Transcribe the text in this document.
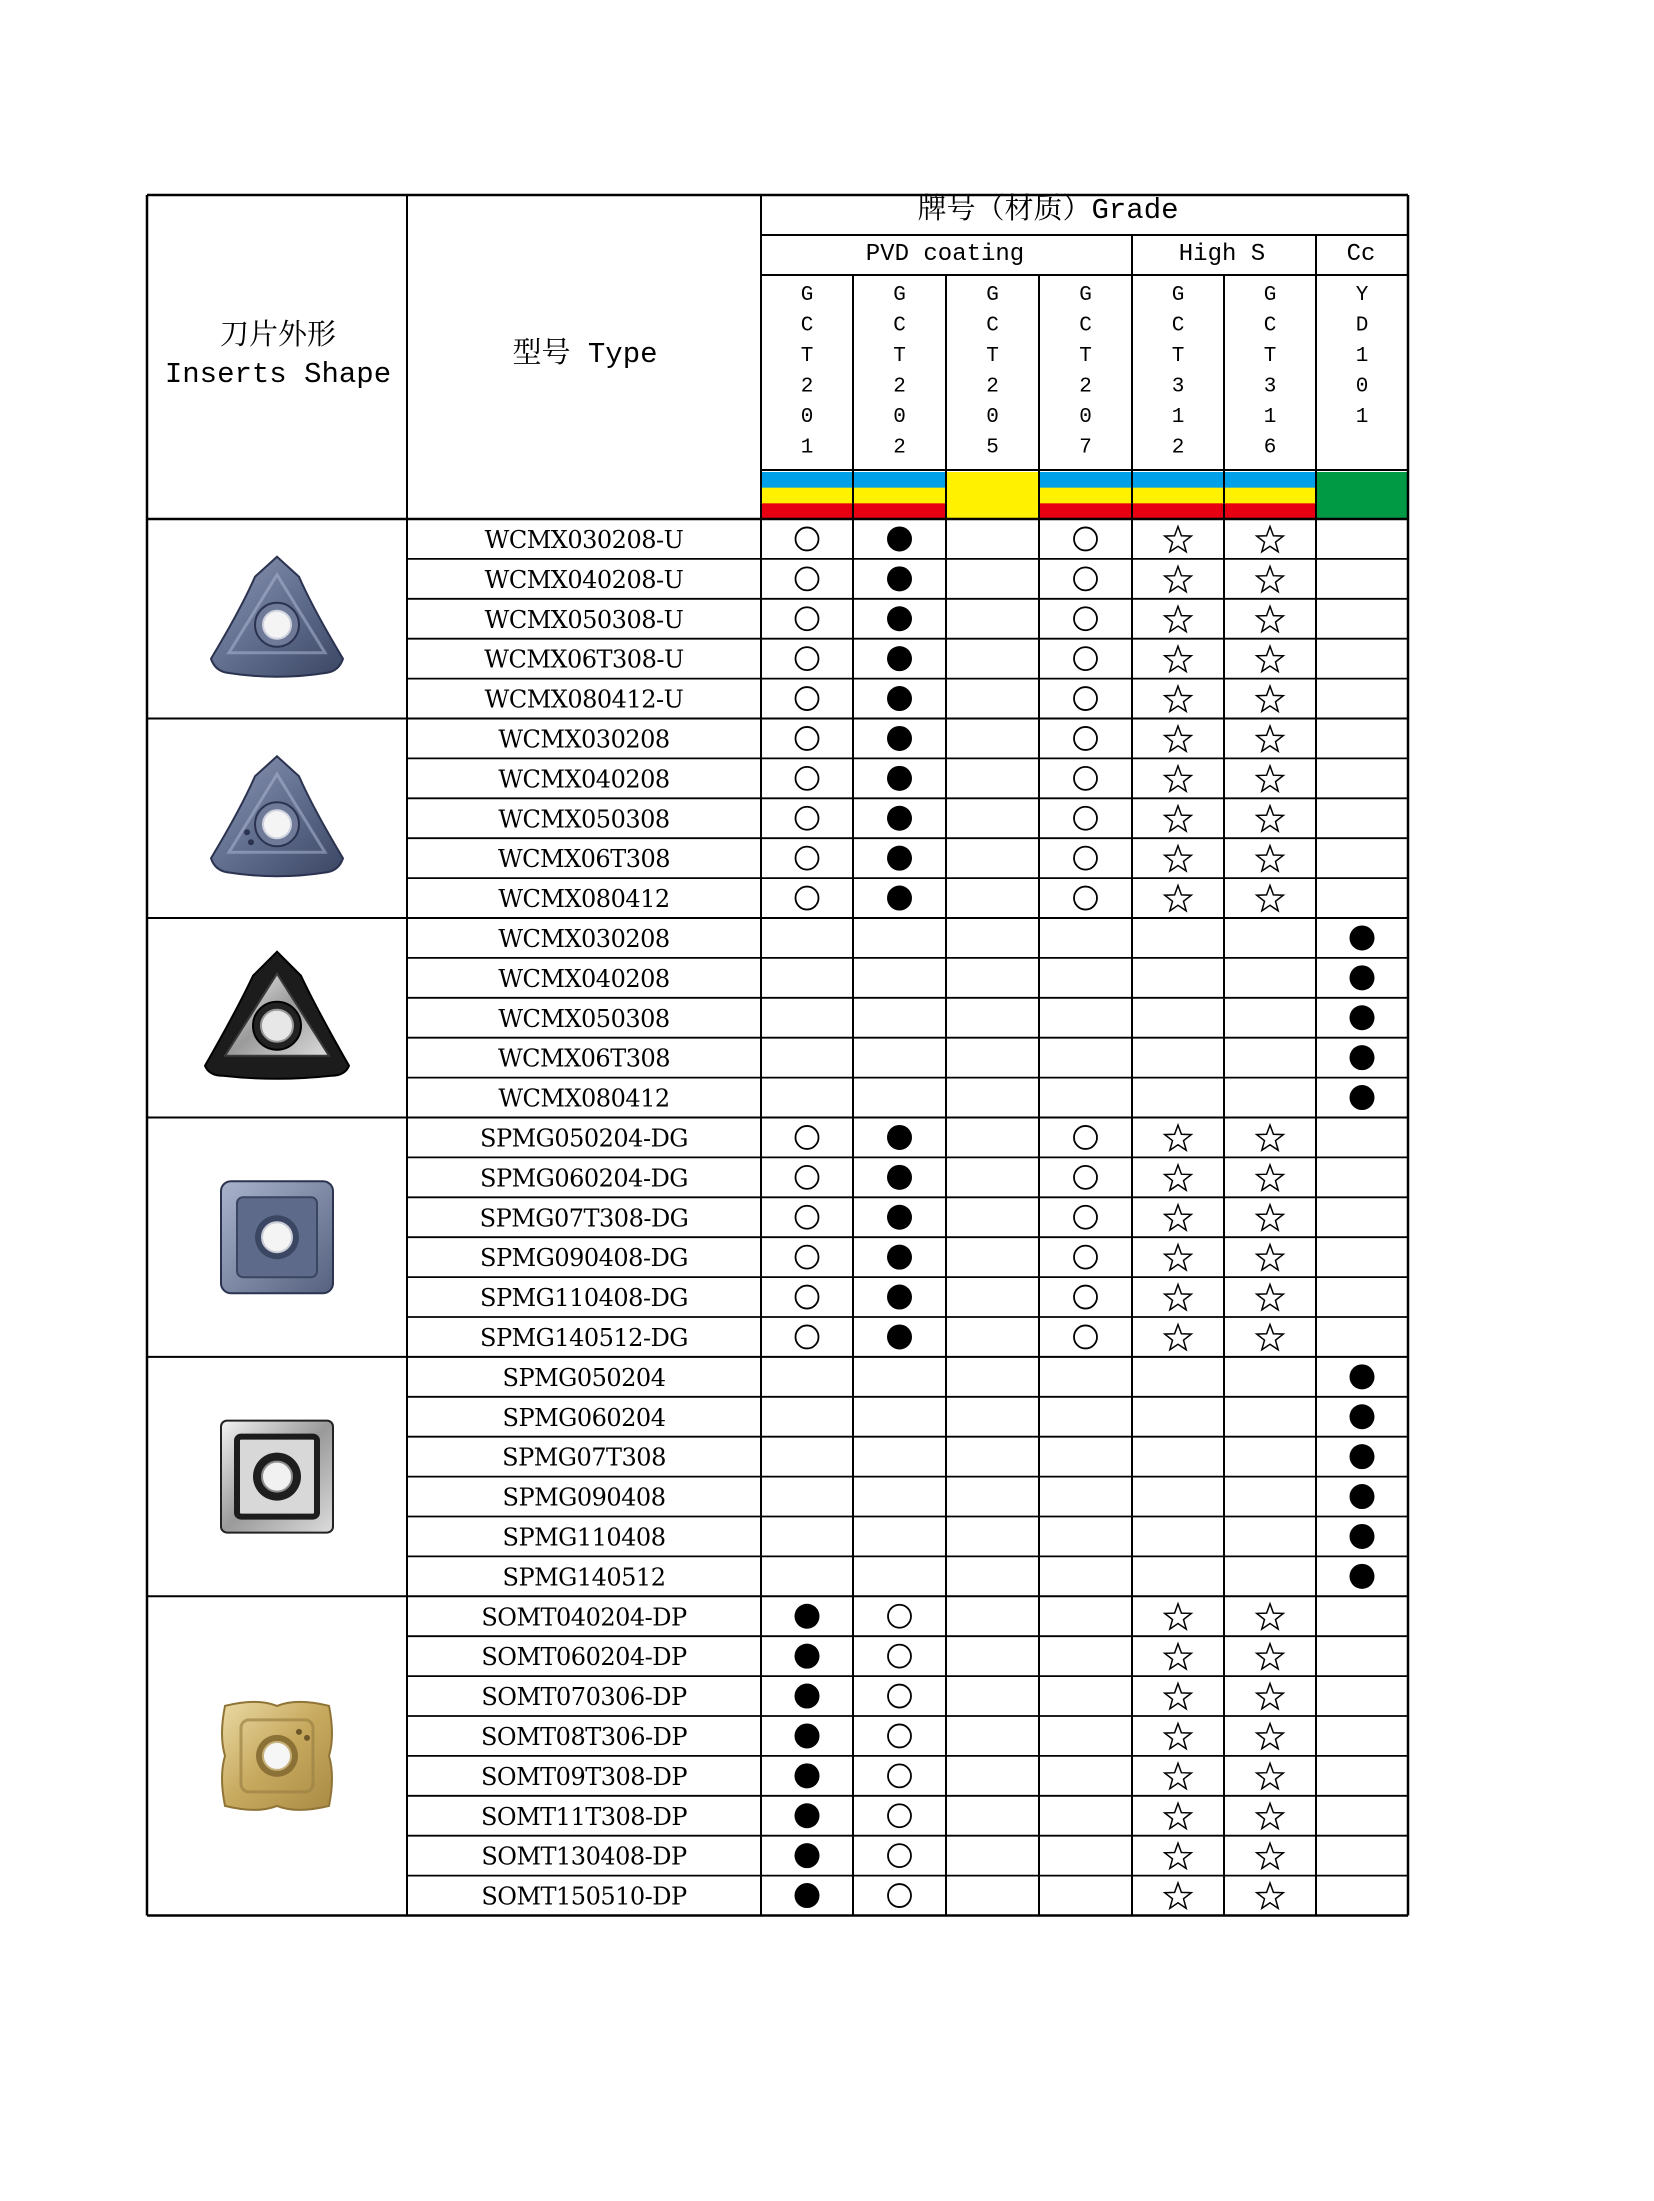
刀片外形
Inserts Shape
型号 Type
牌号（材质）Grade
PVD coating	High S	Cc
G C T 2 0 1
G C T 2 0 2
G C T 2 0 5
G C T 2 0 7
G C T 3 1 2
G C T 3 1 6
Y D 1 0 1
WCMX030208-U
WCMX040208-U
WCMX050308-U
WCMX06T308-U
WCMX080412-U
WCMX030208
WCMX040208
WCMX050308
WCMX06T308
WCMX080412
WCMX030208
WCMX040208
WCMX050308
WCMX06T308
WCMX080412
SPMG050204-DG
SPMG060204-DG
SPMG07T308-DG
SPMG090408-DG
SPMG110408-DG
SPMG140512-DG
SPMG050204
SPMG060204
SPMG07T308
SPMG090408
SPMG110408
SPMG140512
SOMT040204-DP
SOMT060204-DP
SOMT070306-DP
SOMT08T306-DP
SOMT09T308-DP
SOMT11T308-DP
SOMT130408-DP
SOMT150510-DP
